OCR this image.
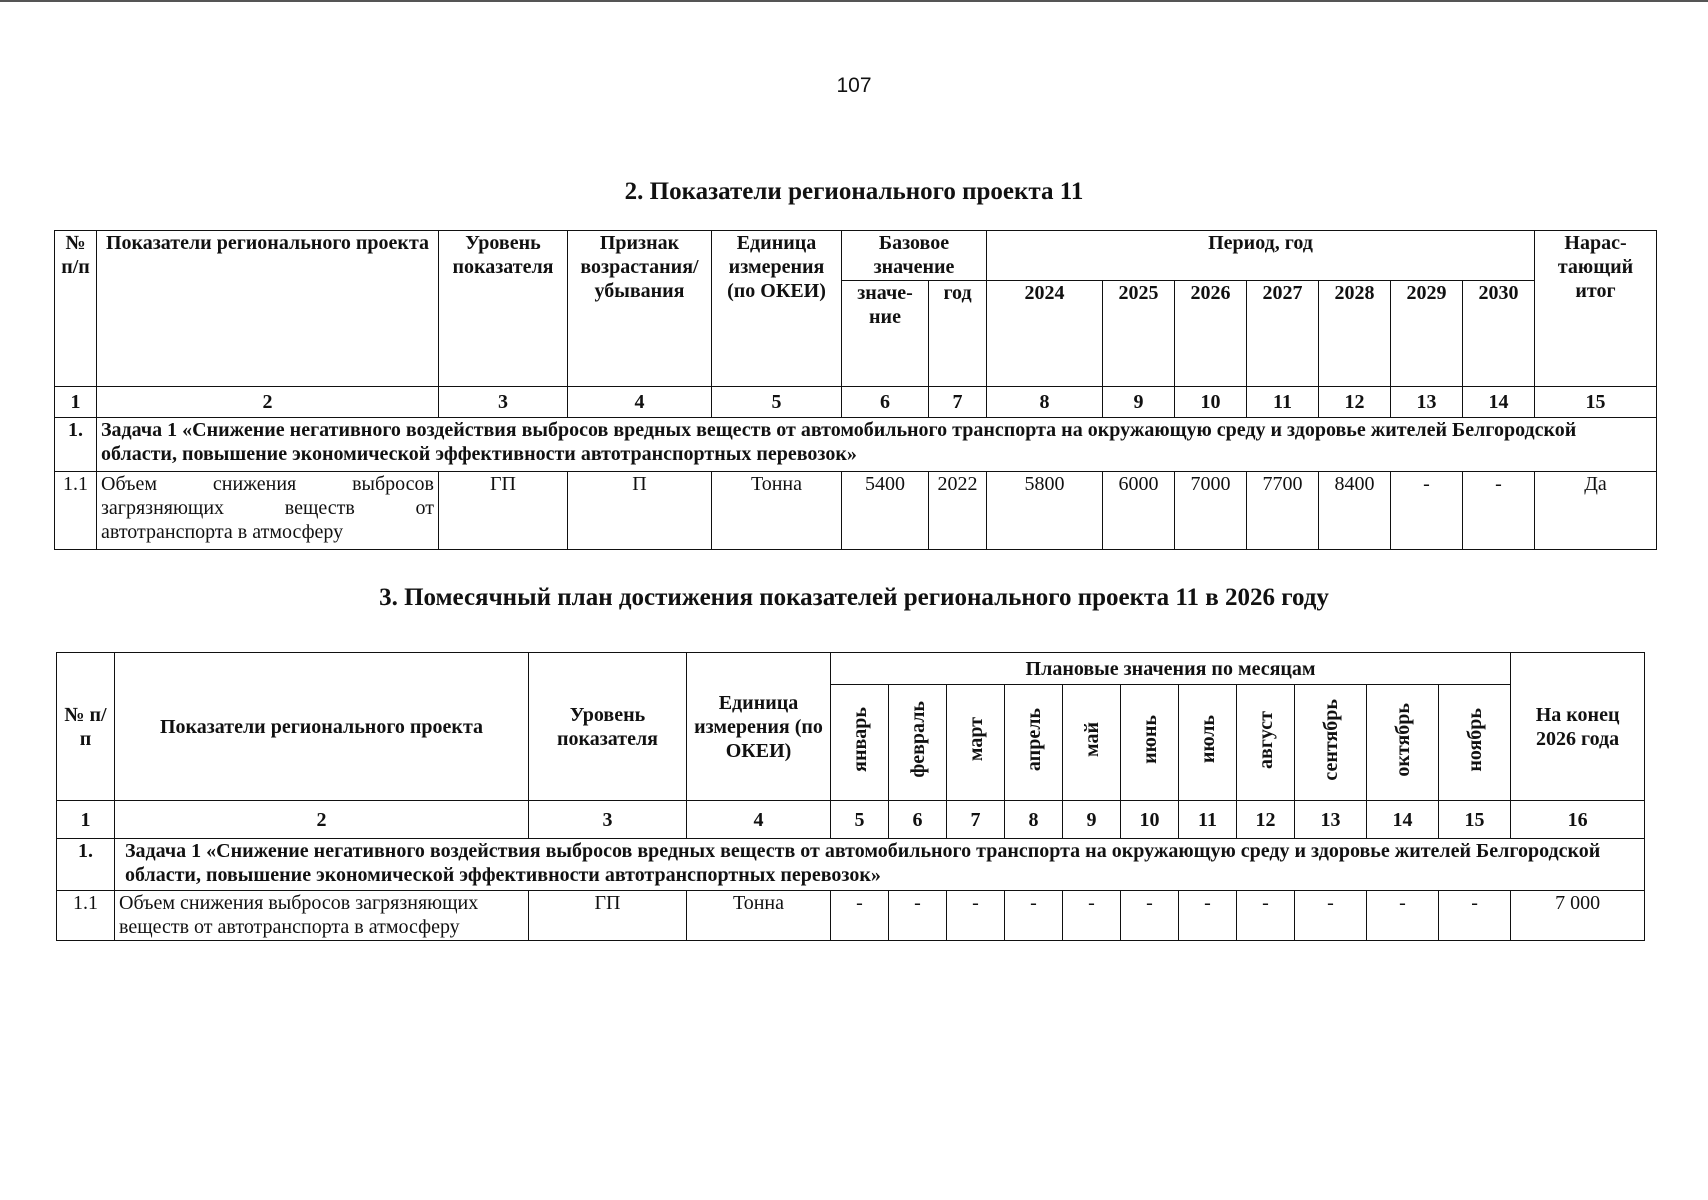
107
2. Показатели регионального проекта 11
№ п/п	Показатели регионального проекта	Уровень показателя	Признак возрастания/ убывания	Единица измерения (по ОКЕИ)	Базовое значение		Период, год							Нарас-тающий итог
					значе-ние	год	2024	2025	2026	2027	2028	2029	2030	
1	2	3	4	5	6	7	8	9	10	11	12	13	14	15
1.	Задача 1 «Снижение негативного воздействия выбросов вредных веществ от автомобильного транспорта на окружающую среду и здоровье жителей Белгородской области, повышение экономической эффективности автотранспортных перевозок»													
1.1	Объем снижения выбросов загрязняющих веществ от автотранспорта в атмосферу	ГП	П	Тонна	5400	2022	5800	6000	7000	7700	8400	-	-	Да
3. Помесячный план достижения показателей регионального проекта 11 в 2026 году
№ п/п	Показатели регионального проекта	Уровень показателя	Единица измерения (по ОКЕИ)	Плановые значения по месяцам											На конец 2026 года
				январь	февраль	март	апрель	май	июнь	июль	август	сентябрь	октябрь	ноябрь	
1	2	3	4	5	6	7	8	9	10	11	12	13	14	15	16
1.	Задача 1 «Снижение негативного воздействия выбросов вредных веществ от автомобильного транспорта на окружающую среду и здоровье жителей Белгородской области, повышение экономической эффективности автотранспортных перевозок»														
1.1	Объем снижения выбросов загрязняющих веществ от автотранспорта в атмосферу	ГП	Тонна	-	-	-	-	-	-	-	-	-	-	-	7 000
